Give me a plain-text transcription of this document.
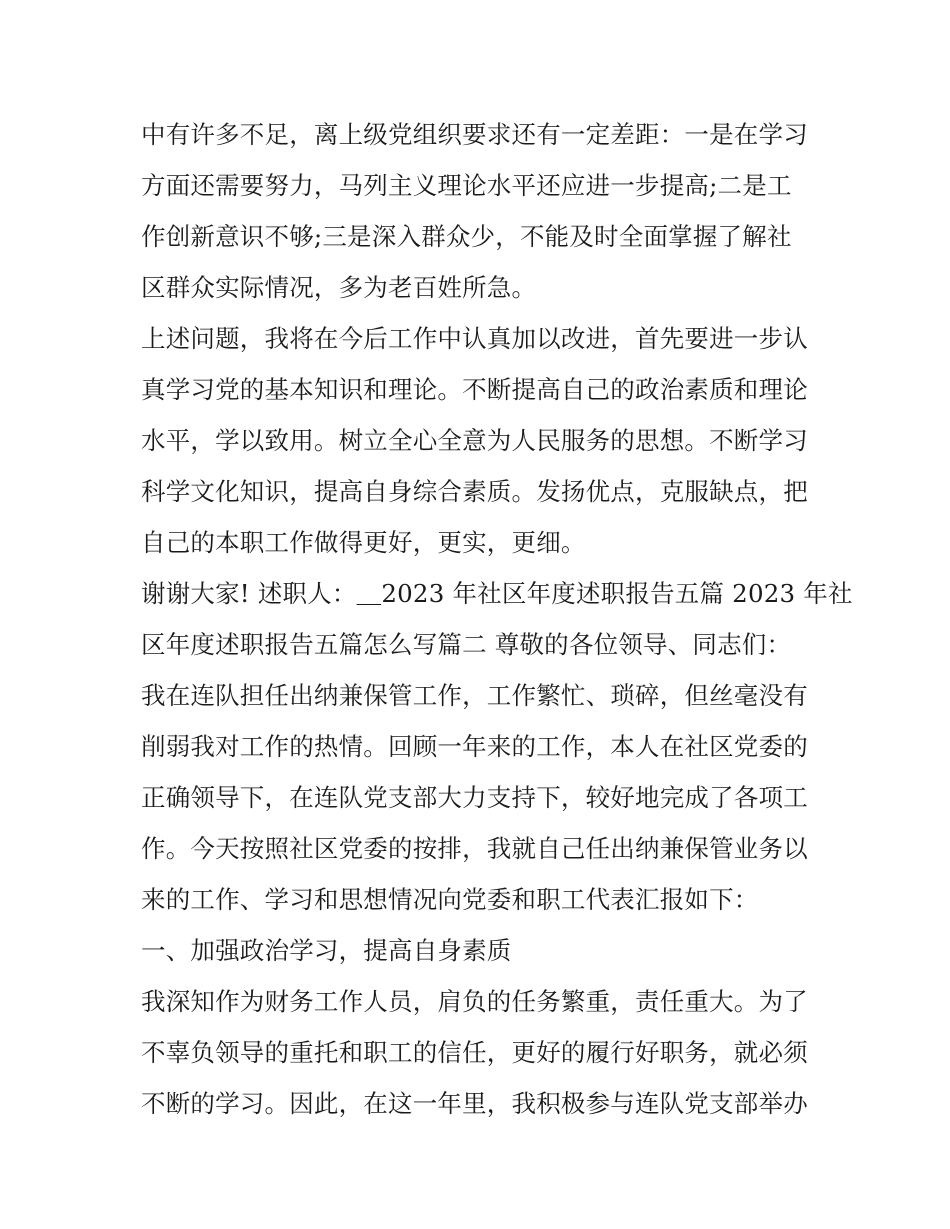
中有许多不足，离上级党组织要求还有一定差距：一是在学习
方面还需要努力，马列主义理论水平还应进一步提高;二是工
作创新意识不够;三是深入群众少，不能及时全面掌握了解社
区群众实际情况，多为老百姓所急。
上述问题，我将在今后工作中认真加以改进，首先要进一步认
真学习党的基本知识和理论。不断提高自己的政治素质和理论
水平，学以致用。树立全心全意为人民服务的思想。不断学习
科学文化知识，提高自身综合素质。发扬优点，克服缺点，把
自己的本职工作做得更好，更实，更细。
谢谢大家! 述职人：＿2023 年社区年度述职报告五篇 2023 年社
区年度述职报告五篇怎么写篇二 尊敬的各位领导、同志们：
我在连队担任出纳兼保管工作，工作繁忙、琐碎，但丝毫没有
削弱我对工作的热情。回顾一年来的工作，本人在社区党委的
正确领导下，在连队党支部大力支持下，较好地完成了各项工
作。今天按照社区党委的按排，我就自己任出纳兼保管业务以
来的工作、学习和思想情况向党委和职工代表汇报如下：
一、加强政治学习，提高自身素质
我深知作为财务工作人员，肩负的任务繁重，责任重大。为了
不辜负领导的重托和职工的信任，更好的履行好职务，就必须
不断的学习。因此，在这一年里，我积极参与连队党支部举办
